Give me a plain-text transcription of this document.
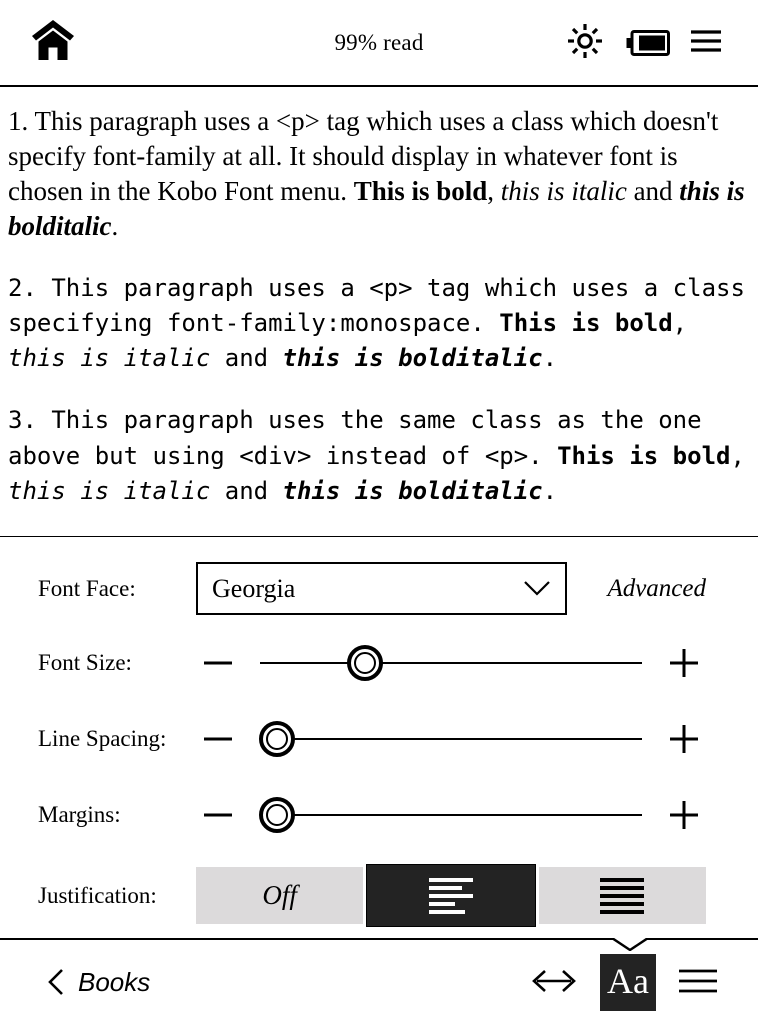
99% read

1. This paragraph uses a <p> tag which uses a class which doesn't specify font-family at all. It should display in whatever font is chosen in the Kobo Font menu. This is bold, this is italic and this is bolditalic.

2. This paragraph uses a <p> tag which uses a class specifying font-family:monospace. This is bold, this is italic and this is bolditalic.

3. This paragraph uses the same class as the one above but using <div> instead of <p>. This is bold, this is italic and this is bolditalic.

Font Face:	Georgia	Advanced
Font Size:
Line Spacing:
Margins:
Justification:	Off
Books	Aa
